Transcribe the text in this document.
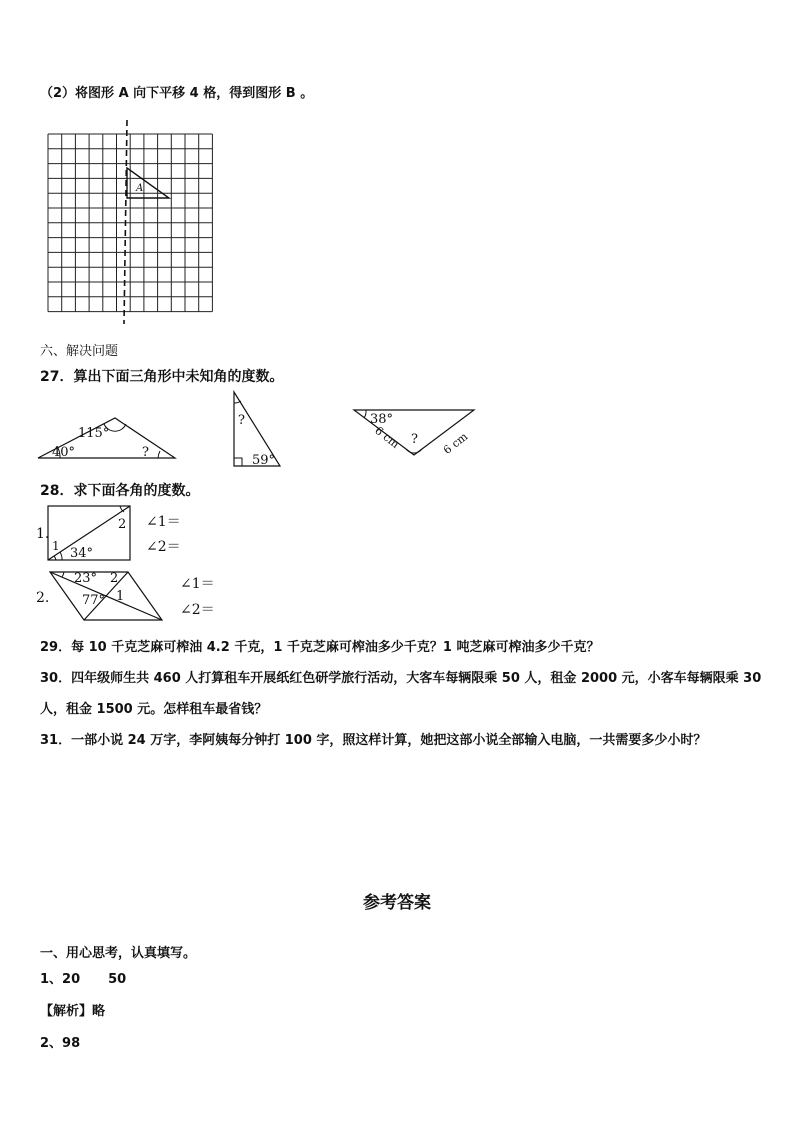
（2）将图形 A 向下平移 4 格，得到图形 B 。
A
六、解决问题
27．算出下面三角形中未知角的度数。
115°
40°	?
?
59°
38°
?
6 cm	6 cm
28．求下面各角的度数。
1.
1
2
34°
∠1＝
∠2＝
2.
23° 2
77° 1
∠1＝
∠2＝
29．每 10 千克芝麻可榨油 4.2 千克，1 千克芝麻可榨油多少千克？1 吨芝麻可榨油多少千克？
30．四年级师生共 460 人打算租车开展纸红色研学旅行活动，大客车每辆限乘 50 人，租金 2000 元，小客车每辆限乘 30
人，租金 1500 元。怎样租车最省钱？
31．一部小说 24 万字，李阿姨每分钟打 100 字，照这样计算，她把这部小说全部输入电脑，一共需要多少小时？
参考答案
一、用心思考，认真填写。
1、20 50
【解析】略
2、98
